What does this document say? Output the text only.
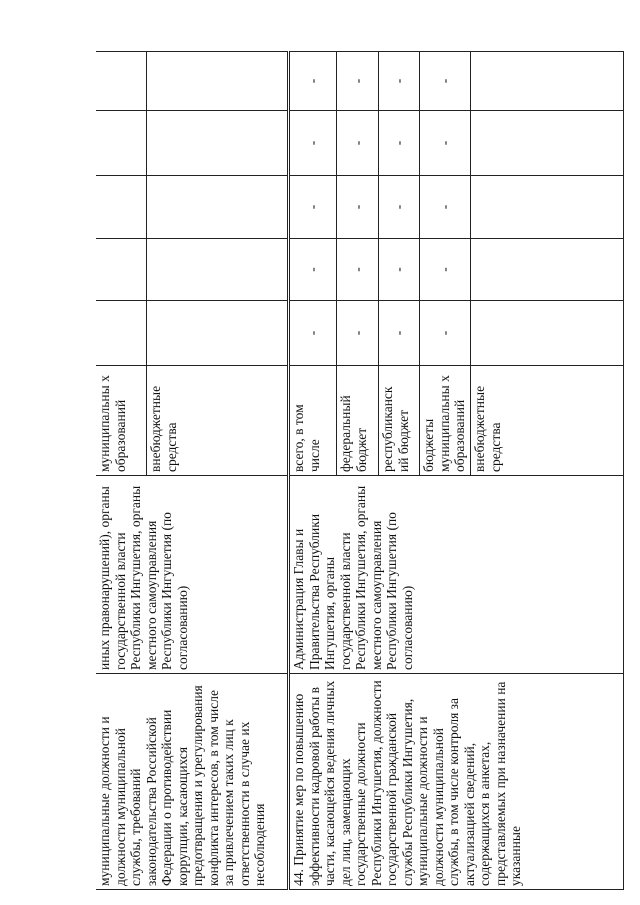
муниципальные должности и должности муниципальной службы, требований законодательства Российской Федерации о противодействии коррупции, касающихся предотвращения и урегулирования конфликта интересов, в том числе за привлечением таких лиц к ответственности в случае их несоблюдения	иных правонарушений), органы государственной власти Республики Ингушетия, органы местного самоуправления Республики Ингушетия (по согласованию)	муниципальны х образований					
		внебюджетные средства					
44. Принятие мер по повышению эффективности кадровой работы в части, касающейся ведения личных дел лиц, замещающих государственные должности Республики Ингушетия, должности государственной гражданской службы Республики Ингушетия, муниципальные должности и должности муниципальной службы, в том числе контроля за актуализацией сведений, содержащихся в анкетах, представляемых при назначении на указанные	Администрация Главы и Правительства Республики Ингушетия, органы государственной власти Республики Ингушетия, органы местного самоуправления Республики Ингушетия (по согласованию)	всего, в том числе	-	-	-	-	-
		федеральный бюджет	-	-	-	-	-
		республиканск ий бюджет	-	-	-	-	-
		бюджеты муниципальны х образований	-	-	-	-	-
		внебюджетные средства					
